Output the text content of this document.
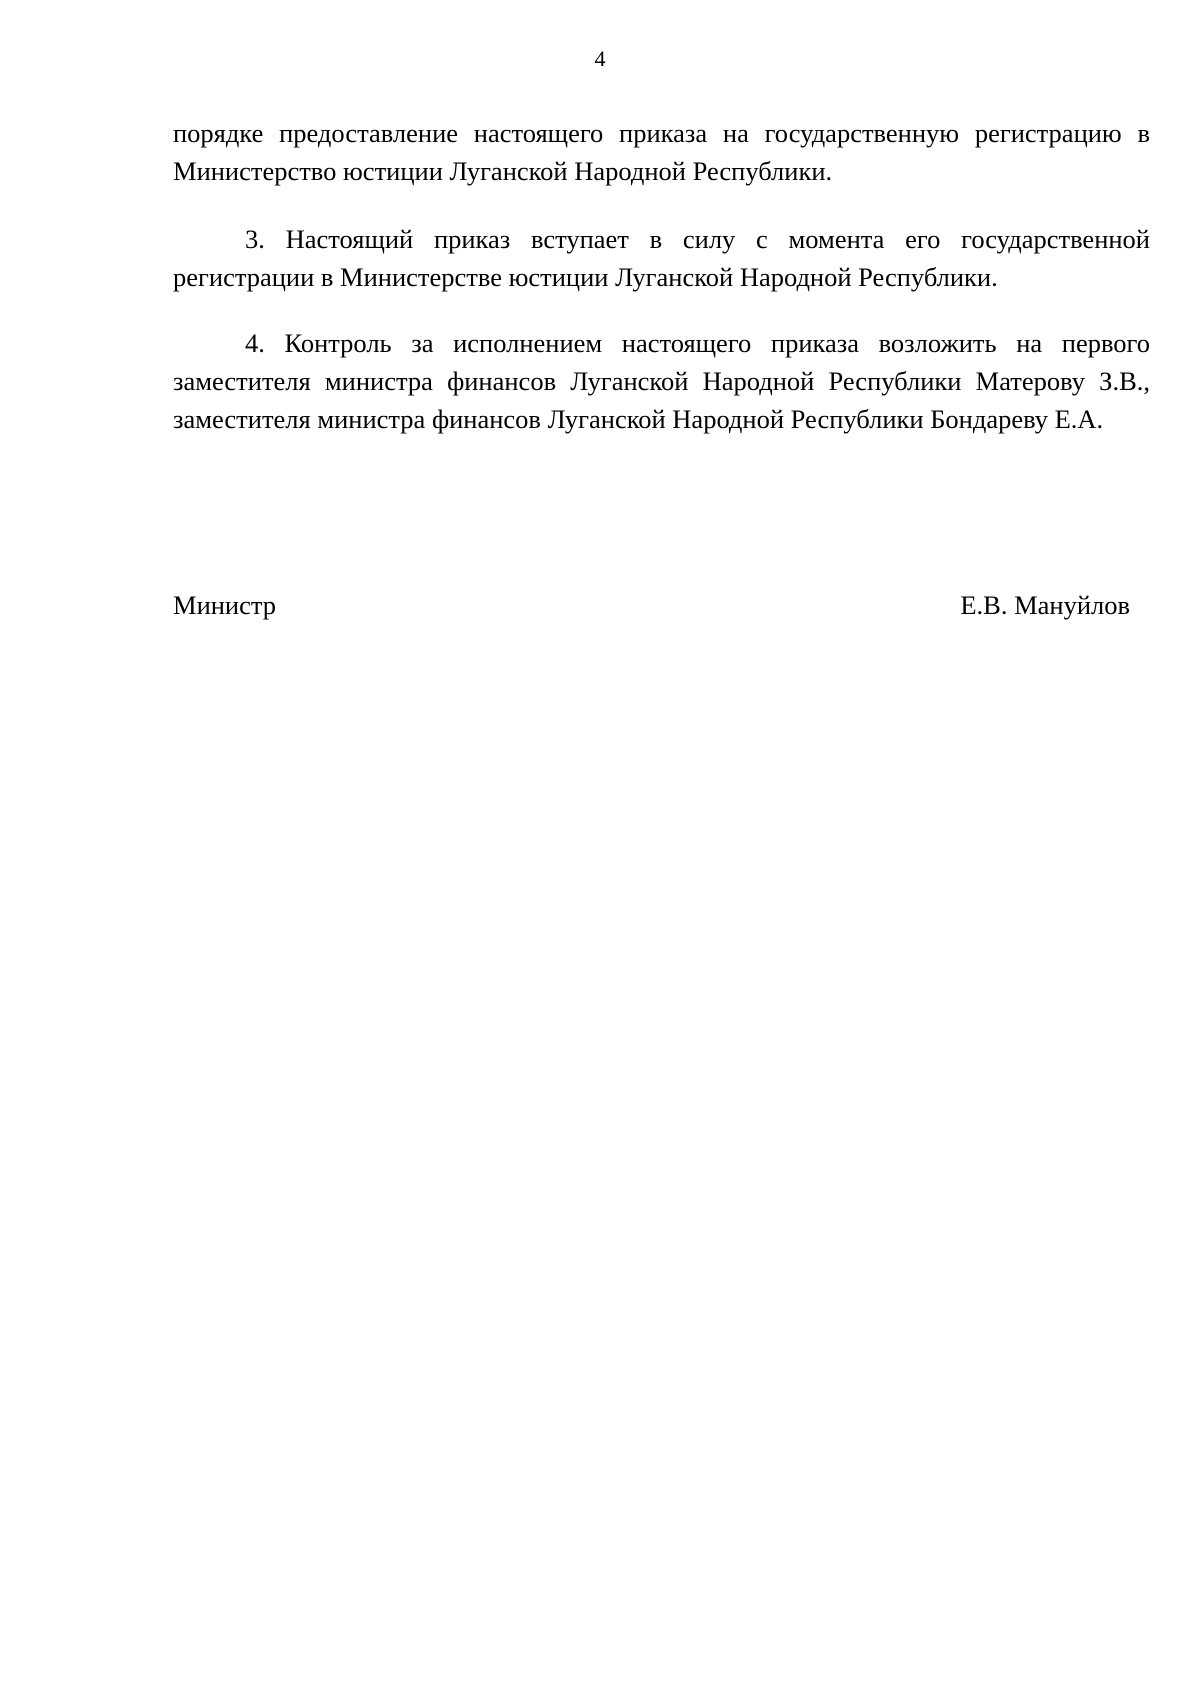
4

порядке предоставление настоящего приказа на государственную регистрацию в Министерство юстиции Луганской Народной Республики.

3. Настоящий приказ вступает в силу с момента его государственной регистрации в Министерстве юстиции Луганской Народной Республики.

4. Контроль за исполнением настоящего приказа возложить на первого заместителя министра финансов Луганской Народной Республики Матерову З.В., заместителя министра финансов Луганской Народной Республики Бондареву Е.А.

Министр	Е.В. Мануйлов
